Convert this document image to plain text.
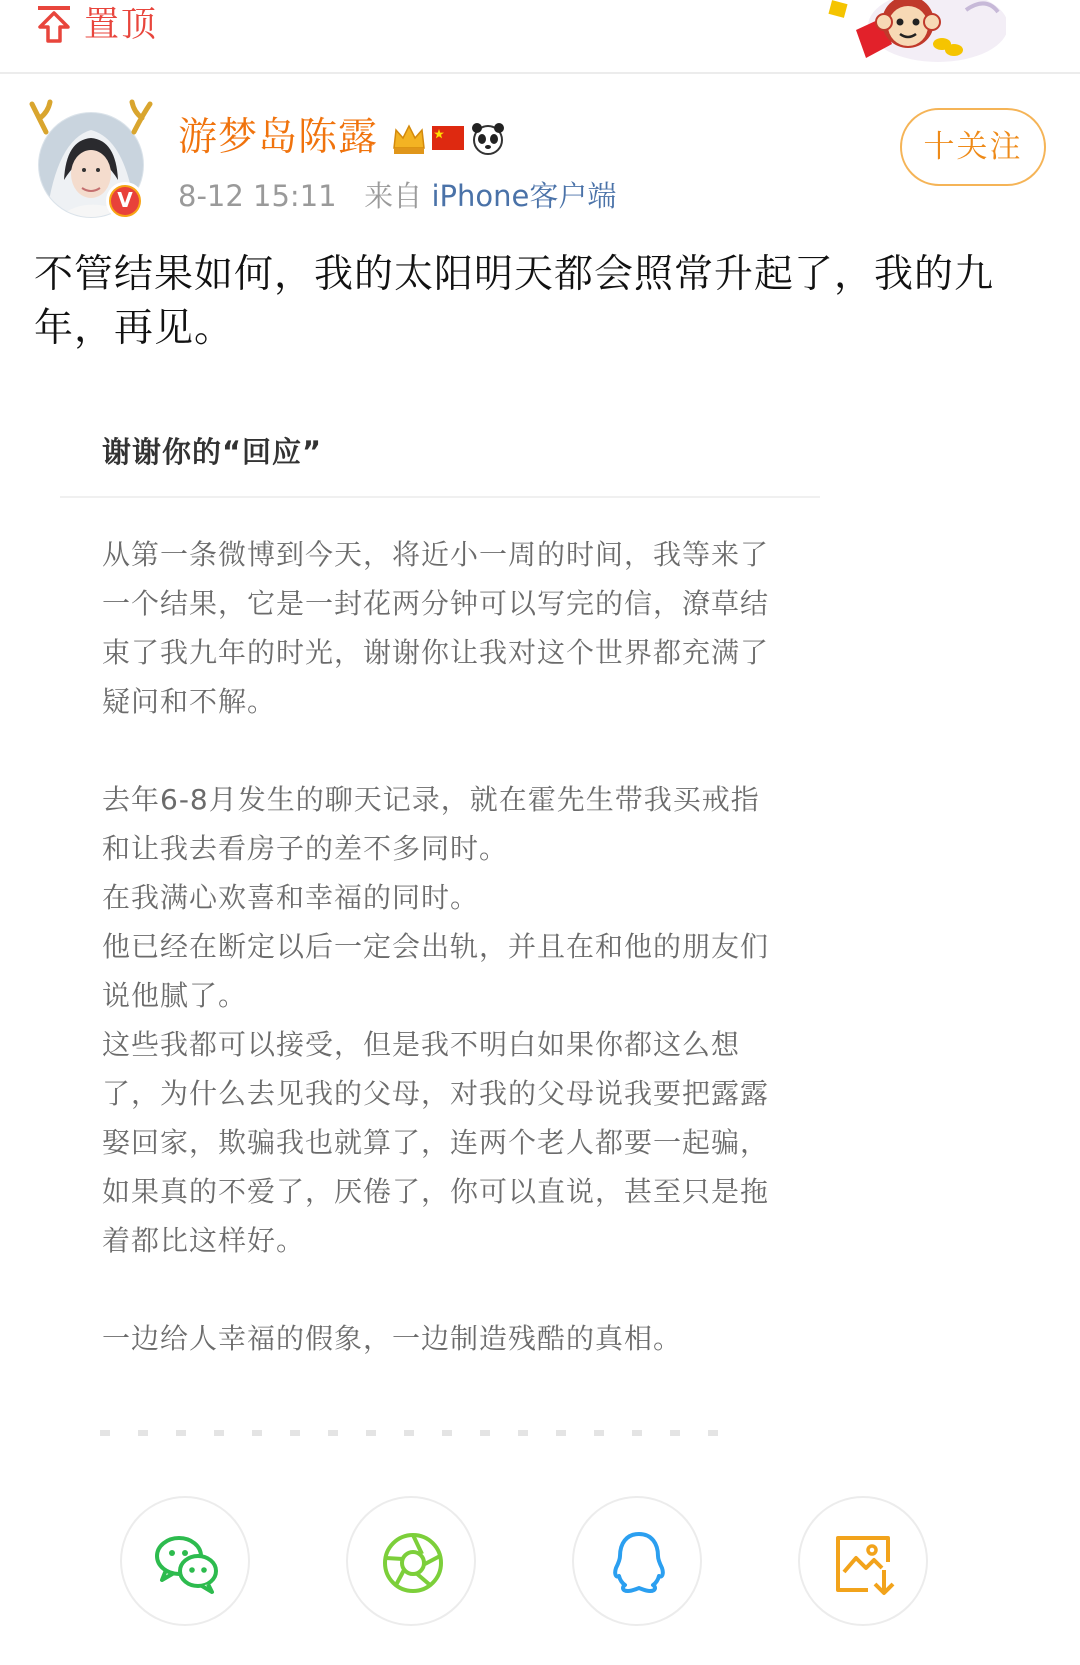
置顶
V
游梦岛陈露
8-12 15:11 来自 iPhone客户端
十关注
不管结果如何，我的太阳明天都会照常升起了，我的九年，再见。
谢谢你的“回应”

从第一条微博到今天，将近小一周的时间，我等来了一个结果，它是一封花两分钟可以写完的信，潦草结束了我九年的时光，谢谢你让我对这个世界都充满了疑问和不解。

去年6-8月发生的聊天记录，就在霍先生带我买戒指和让我去看房子的差不多同时。

在我满心欢喜和幸福的同时。

他已经在断定以后一定会出轨，并且在和他的朋友们说他腻了。

这些我都可以接受，但是我不明白如果你都这么想了，为什么去见我的父母，对我的父母说我要把露露娶回家，欺骗我也就算了，连两个老人都要一起骗，如果真的不爱了，厌倦了，你可以直说，甚至只是拖着都比这样好。

一边给人幸福的假象，一边制造残酷的真相。
